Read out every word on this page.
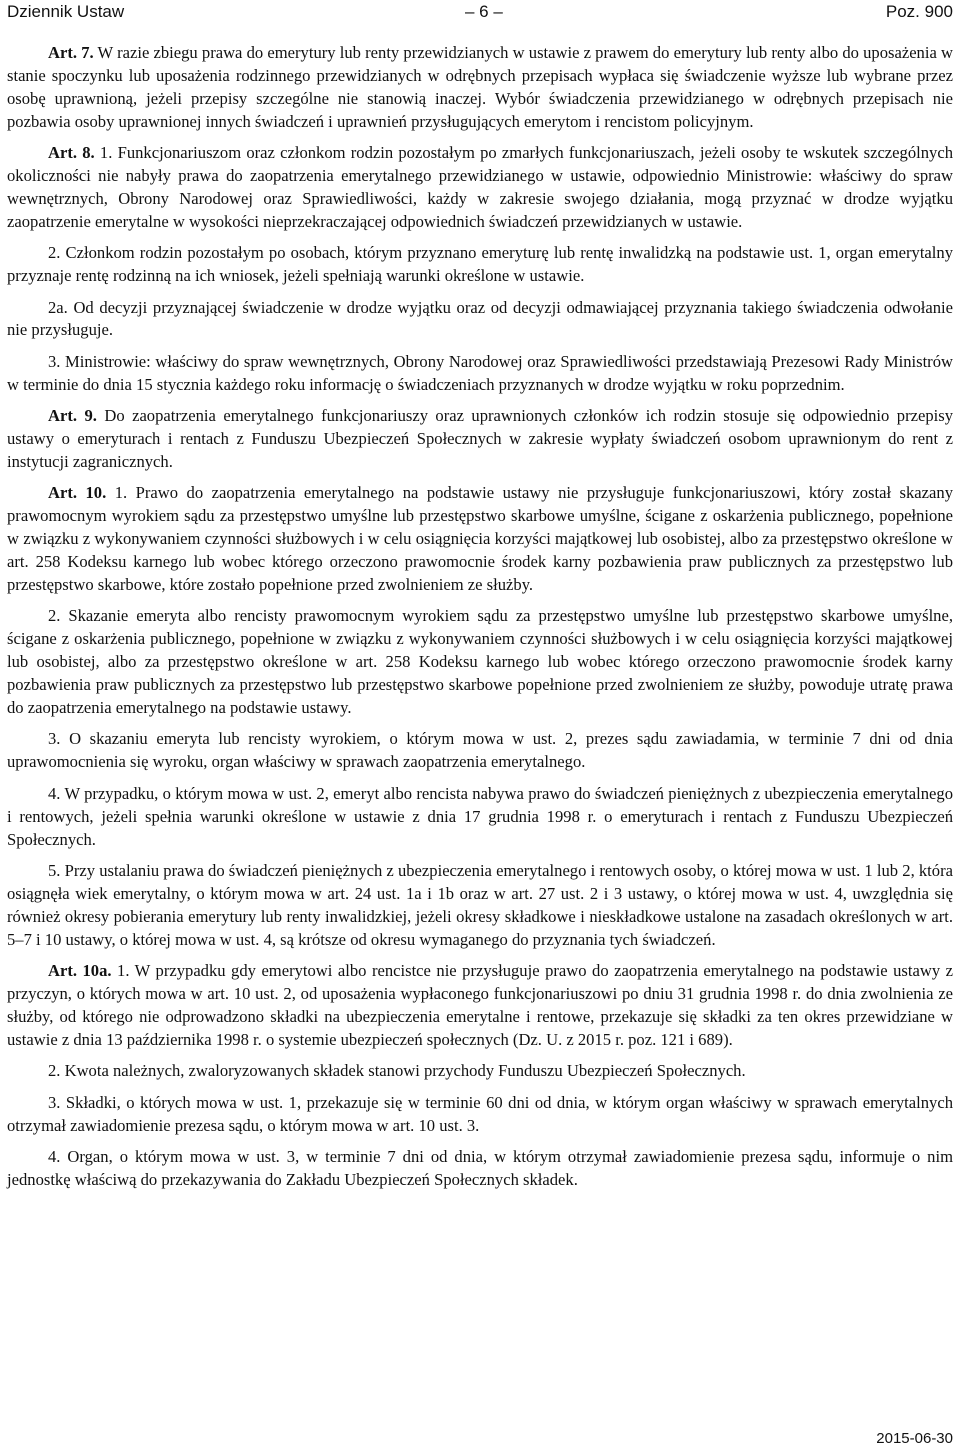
Dziennik Ustaw	– 6 –	Poz. 900

Art. 7. W razie zbiegu prawa do emerytury lub renty przewidzianych w ustawie z prawem do emerytury lub renty albo do uposażenia w stanie spoczynku lub uposażenia rodzinnego przewidzianych w odrębnych przepisach wypłaca się świadczenie wyższe lub wybrane przez osobę uprawnioną, jeżeli przepisy szczególne nie stanowią inaczej. Wybór świadczenia przewidzianego w odrębnych przepisach nie pozbawia osoby uprawnionej innych świadczeń i uprawnień przysługujących emerytom i rencistom policyjnym.

Art. 8. 1. Funkcjonariuszom oraz członkom rodzin pozostałym po zmarłych funkcjonariuszach, jeżeli osoby te wskutek szczególnych okoliczności nie nabyły prawa do zaopatrzenia emerytalnego przewidzianego w ustawie, odpowiednio Ministrowie: właściwy do spraw wewnętrznych, Obrony Narodowej oraz Sprawiedliwości, każdy w zakresie swojego działania, mogą przyznać w drodze wyjątku zaopatrzenie emerytalne w wysokości nieprzekraczającej odpowiednich świadczeń przewidzianych w ustawie.

2. Członkom rodzin pozostałym po osobach, którym przyznano emeryturę lub rentę inwalidzką na podstawie ust. 1, organ emerytalny przyznaje rentę rodzinną na ich wniosek, jeżeli spełniają warunki określone w ustawie.

2a. Od decyzji przyznającej świadczenie w drodze wyjątku oraz od decyzji odmawiającej przyznania takiego świadczenia odwołanie nie przysługuje.

3. Ministrowie: właściwy do spraw wewnętrznych, Obrony Narodowej oraz Sprawiedliwości przedstawiają Prezesowi Rady Ministrów w terminie do dnia 15 stycznia każdego roku informację o świadczeniach przyznanych w drodze wyjątku w roku poprzednim.

Art. 9. Do zaopatrzenia emerytalnego funkcjonariuszy oraz uprawnionych członków ich rodzin stosuje się odpowiednio przepisy ustawy o emeryturach i rentach z Funduszu Ubezpieczeń Społecznych w zakresie wypłaty świadczeń osobom uprawnionym do rent z instytucji zagranicznych.

Art. 10. 1. Prawo do zaopatrzenia emerytalnego na podstawie ustawy nie przysługuje funkcjonariuszowi, który został skazany prawomocnym wyrokiem sądu za przestępstwo umyślne lub przestępstwo skarbowe umyślne, ścigane z oskarżenia publicznego, popełnione w związku z wykonywaniem czynności służbowych i w celu osiągnięcia korzyści majątkowej lub osobistej, albo za przestępstwo określone w art. 258 Kodeksu karnego lub wobec którego orzeczono prawomocnie środek karny pozbawienia praw publicznych za przestępstwo lub przestępstwo skarbowe, które zostało popełnione przed zwolnieniem ze służby.

2. Skazanie emeryta albo rencisty prawomocnym wyrokiem sądu za przestępstwo umyślne lub przestępstwo skarbowe umyślne, ścigane z oskarżenia publicznego, popełnione w związku z wykonywaniem czynności służbowych i w celu osiągnięcia korzyści majątkowej lub osobistej, albo za przestępstwo określone w art. 258 Kodeksu karnego lub wobec którego orzeczono prawomocnie środek karny pozbawienia praw publicznych za przestępstwo lub przestępstwo skarbowe popełnione przed zwolnieniem ze służby, powoduje utratę prawa do zaopatrzenia emerytalnego na podstawie ustawy.

3. O skazaniu emeryta lub rencisty wyrokiem, o którym mowa w ust. 2, prezes sądu zawiadamia, w terminie 7 dni od dnia uprawomocnienia się wyroku, organ właściwy w sprawach zaopatrzenia emerytalnego.

4. W przypadku, o którym mowa w ust. 2, emeryt albo rencista nabywa prawo do świadczeń pieniężnych z ubezpieczenia emerytalnego i rentowych, jeżeli spełnia warunki określone w ustawie z dnia 17 grudnia 1998 r. o emeryturach i rentach z Funduszu Ubezpieczeń Społecznych.

5. Przy ustalaniu prawa do świadczeń pieniężnych z ubezpieczenia emerytalnego i rentowych osoby, o której mowa w ust. 1 lub 2, która osiągnęła wiek emerytalny, o którym mowa w art. 24 ust. 1a i 1b oraz w art. 27 ust. 2 i 3 ustawy, o której mowa w ust. 4, uwzględnia się również okresy pobierania emerytury lub renty inwalidzkiej, jeżeli okresy składkowe i nieskładkowe ustalone na zasadach określonych w art. 5–7 i 10 ustawy, o której mowa w ust. 4, są krótsze od okresu wymaganego do przyznania tych świadczeń.

Art. 10a. 1. W przypadku gdy emerytowi albo rencistce nie przysługuje prawo do zaopatrzenia emerytalnego na podstawie ustawy z przyczyn, o których mowa w art. 10 ust. 2, od uposażenia wypłaconego funkcjonariuszowi po dniu 31 grudnia 1998 r. do dnia zwolnienia ze służby, od którego nie odprowadzono składki na ubezpieczenia emerytalne i rentowe, przekazuje się składki za ten okres przewidziane w ustawie z dnia 13 października 1998 r. o systemie ubezpieczeń społecznych (Dz. U. z 2015 r. poz. 121 i 689).

2. Kwota należnych, zwaloryzowanych składek stanowi przychody Funduszu Ubezpieczeń Społecznych.

3. Składki, o których mowa w ust. 1, przekazuje się w terminie 60 dni od dnia, w którym organ właściwy w sprawach emerytalnych otrzymał zawiadomienie prezesa sądu, o którym mowa w art. 10 ust. 3.

4. Organ, o którym mowa w ust. 3, w terminie 7 dni od dnia, w którym otrzymał zawiadomienie prezesa sądu, informuje o nim jednostkę właściwą do przekazywania do Zakładu Ubezpieczeń Społecznych składek.

2015-06-30
